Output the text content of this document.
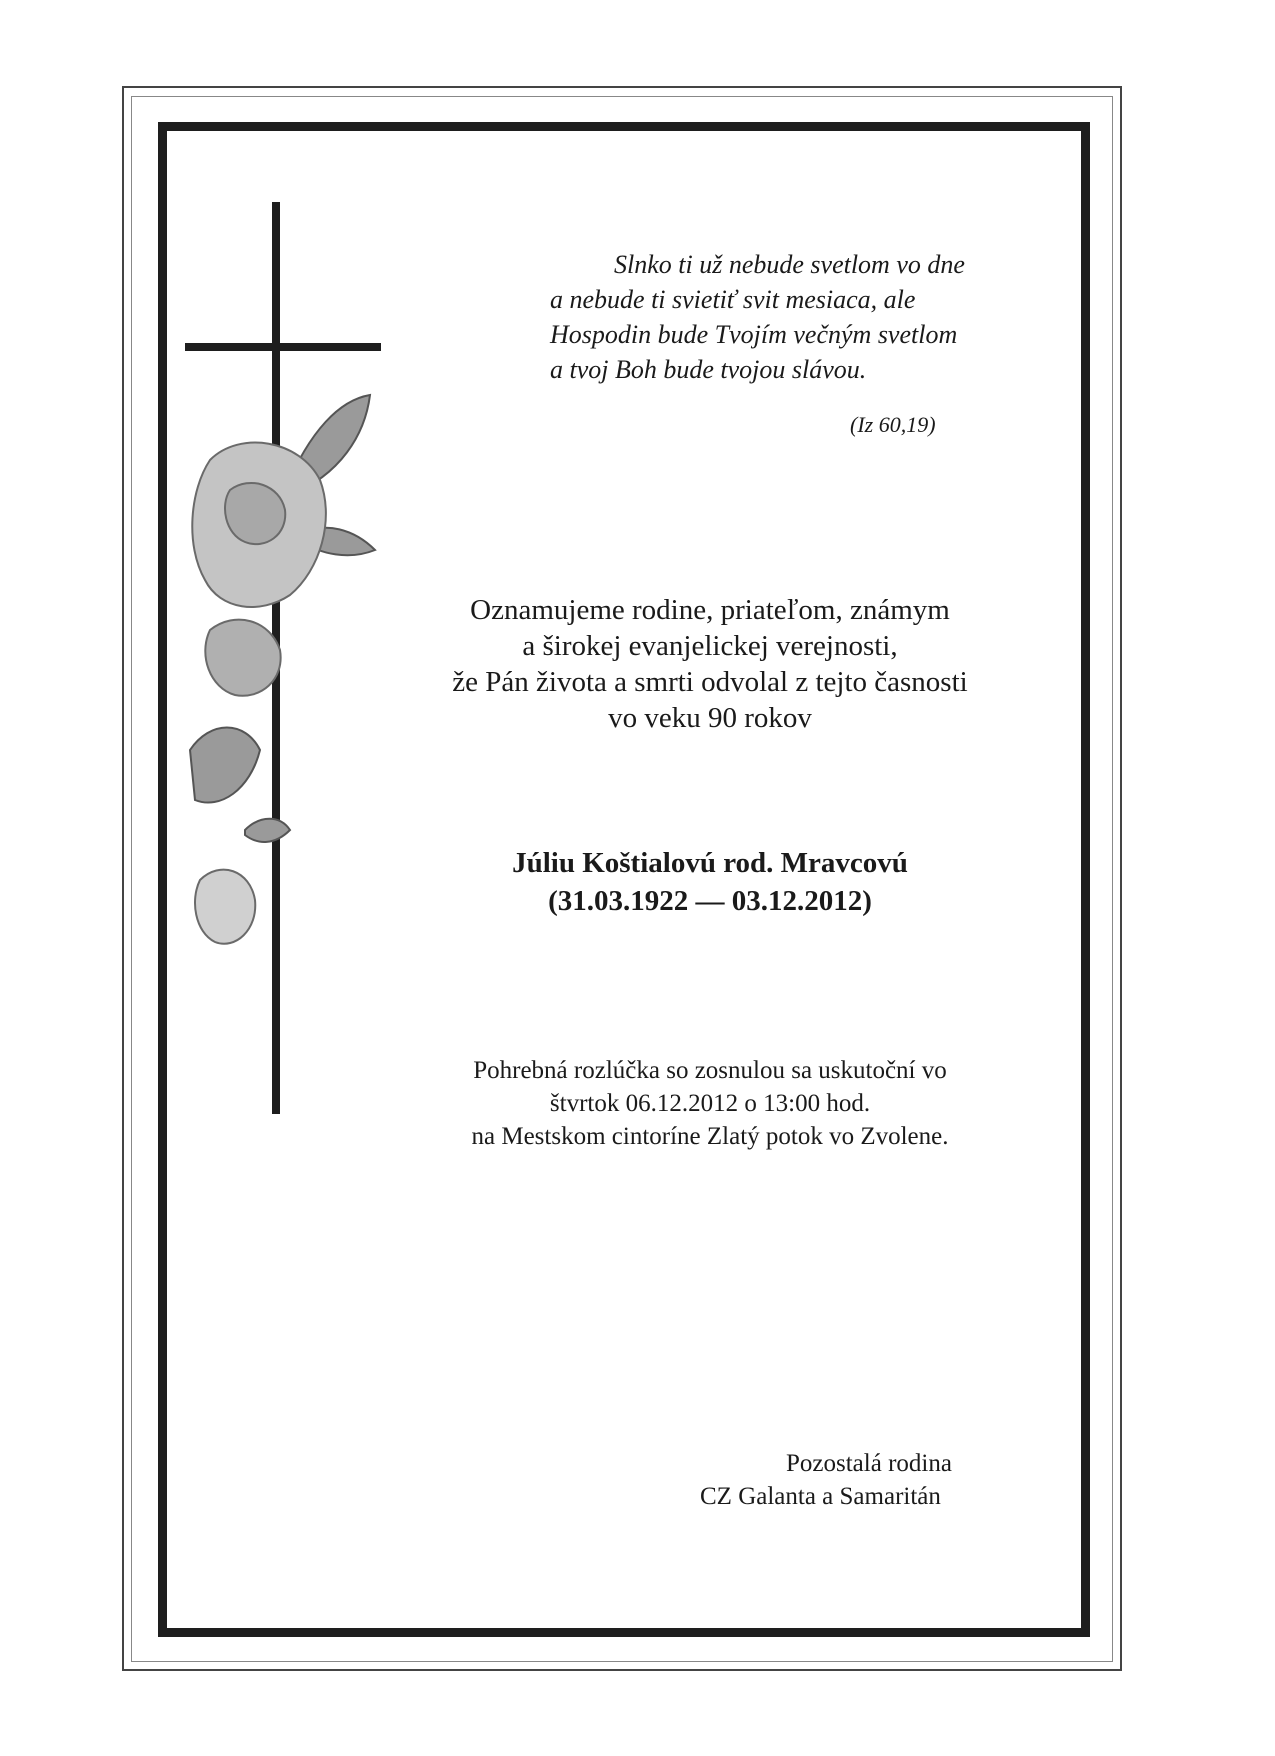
Slnko ti už nebude svetlom vo dne
a nebude ti svietiť svit mesiaca, ale
Hospodin bude Tvojím večným svetlom
a tvoj Boh bude tvojou slávou.
(Iz 60,19)
Oznamujeme rodine, priateľom, známym
a širokej evanjelickej verejnosti,
že Pán života a smrti odvolal z tejto časnosti
vo veku 90 rokov
Júliu Koštialovú rod. Mravcovú
(31.03.1922 — 03.12.2012)
Pohrebná rozlúčka so zosnulou sa uskutoční vo
štvrtok 06.12.2012 o 13:00 hod.
na Mestskom cintoríne Zlatý potok vo Zvolene.
Pozostalá rodina
CZ Galanta a Samaritán
